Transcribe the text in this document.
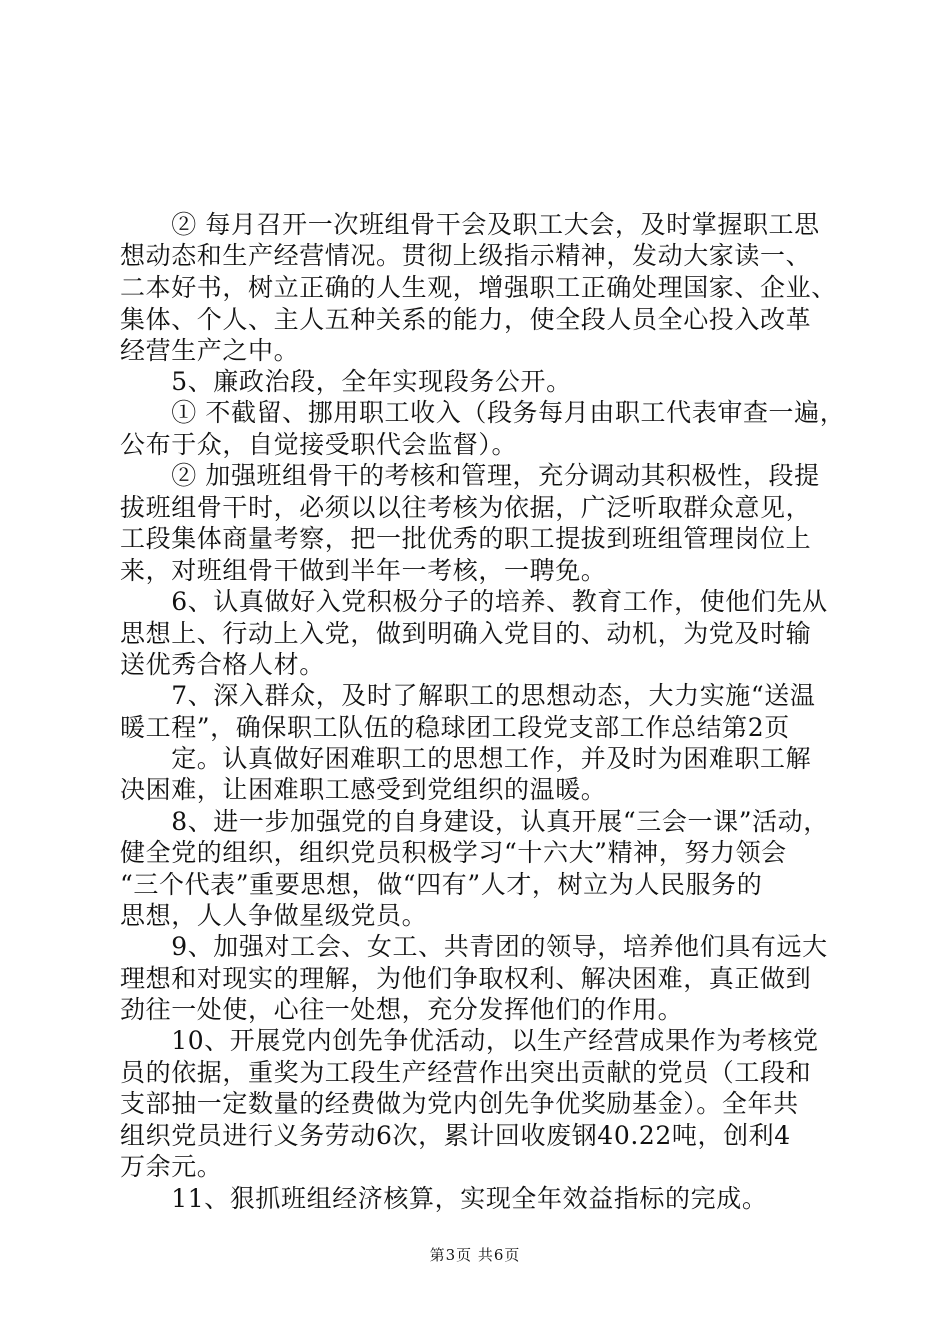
　　② 每月召开一次班组骨干会及职工大会，及时掌握职工思
想动态和生产经营情况。贯彻上级指示精神，发动大家读一、
二本好书，树立正确的人生观，增强职工正确处理国家、企业、
集体、个人、主人五种关系的能力，使全段人员全心投入改革
经营生产之中。
　　5、廉政治段，全年实现段务公开。
　　① 不截留、挪用职工收入（段务每月由职工代表审查一遍，
公布于众，自觉接受职代会监督）。
　　② 加强班组骨干的考核和管理，充分调动其积极性，段提
拔班组骨干时，必须以以往考核为依据，广泛听取群众意见，
工段集体商量考察，把一批优秀的职工提拔到班组管理岗位上
来，对班组骨干做到半年一考核，一聘免。
　　6、认真做好入党积极分子的培养、教育工作，使他们先从
思想上、行动上入党，做到明确入党目的、动机，为党及时输
送优秀合格人材。
　　7、深入群众，及时了解职工的思想动态，大力实施“送温
暖工程”，确保职工队伍的稳球团工段党支部工作总结第2页
　　定。认真做好困难职工的思想工作，并及时为困难职工解
决困难，让困难职工感受到党组织的温暖。
　　8、进一步加强党的自身建设，认真开展“三会一课”活动，
健全党的组织，组织党员积极学习“十六大”精神，努力领会
“三个代表”重要思想，做“四有”人才，树立为人民服务的
思想，人人争做星级党员。
　　9、加强对工会、女工、共青团的领导，培养他们具有远大
理想和对现实的理解，为他们争取权利、解决困难，真正做到
劲往一处使，心往一处想，充分发挥他们的作用。
　　10、开展党内创先争优活动，以生产经营成果作为考核党
员的依据，重奖为工段生产经营作出突出贡献的党员（工段和
支部抽一定数量的经费做为党内创先争优奖励基金）。全年共
组织党员进行义务劳动6次，累计回收废钢40.22吨，创利4
万余元。
　　11、狠抓班组经济核算，实现全年效益指标的完成。
第3页 共6页
